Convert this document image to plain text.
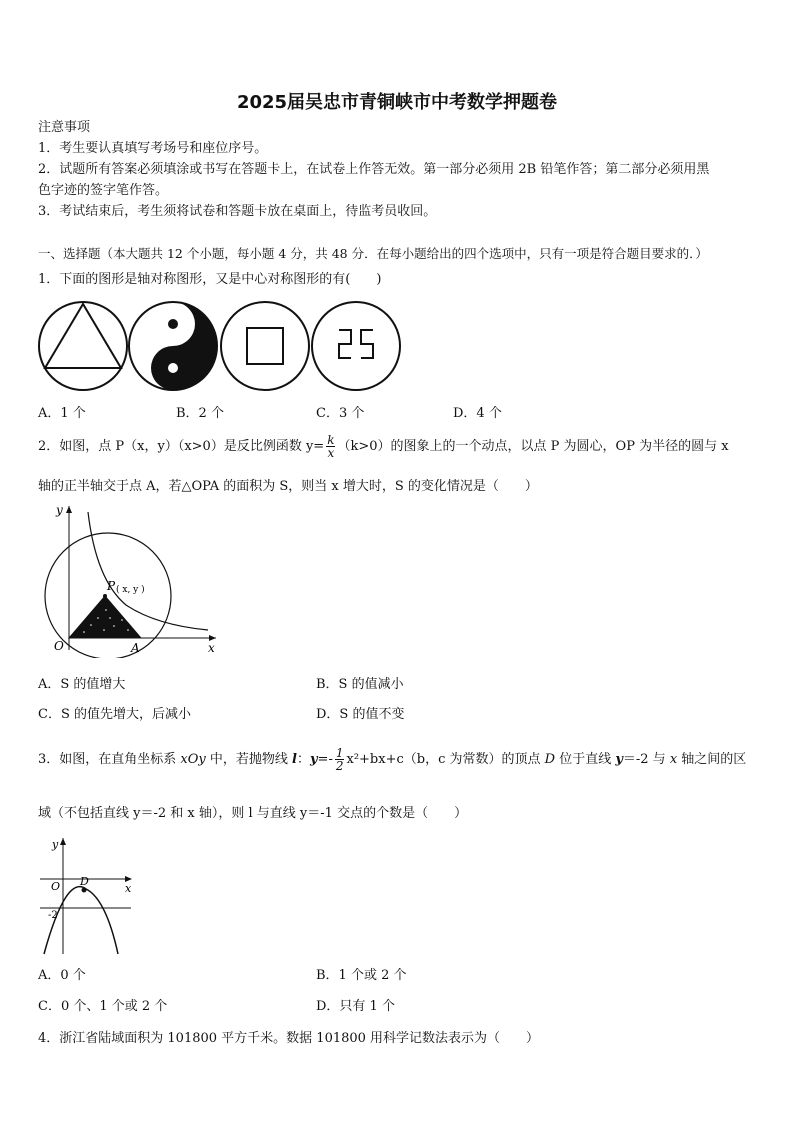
2025届吴忠市青铜峡市中考数学押题卷
注意事项
1．考生要认真填写考场号和座位序号。
2．试题所有答案必须填涂或书写在答题卡上，在试卷上作答无效。第一部分必须用 2B 铅笔作答；第二部分必须用黑
色字迹的签字笔作答。
3．考试结束后，考生须将试卷和答题卡放在桌面上，待监考员收回。
一、选择题（本大题共 12 个小题，每小题 4 分，共 48 分．在每小题给出的四个选项中，只有一项是符合题目要求的．）
1．下面的图形是轴对称图形，又是中心对称图形的有(　　)
A．1 个	B．2 个	C．3 个	D．4 个
2．如图，点 P（x，y）（x>0）是反比例函数 $y= \frac{k}{x} (k>0)$的图象上的一个动点，以点 P 为圆心，OP 为半径的圆与 x
轴的正半轴交于点 A，若△OPA 的面积为 S，则当 x 增大时，S 的变化情况是（　　）
y
x
O	A
P ( x, y )
A．S 的值增大	B．S 的值减小
C．S 的值先增大，后减小	D．S 的值不变
3．如图，在直角坐标系 xOy 中，若抛物线 l：$y=- \frac{1}{2} x^2+bx+c(b$，c 为常数）的顶点 D 位于直线 y＝-2 与 x 轴之间的区
域（不包括直线 y＝-2 和 x 轴），则 l 与直线 y＝-1 交点的个数是（　　）
y
x
O D
-2
A．0 个	B．1 个或 2 个
C．0 个、1 个或 2 个	D．只有 1 个
4．浙江省陆域面积为 101800 平方千米。数据 101800 用科学记数法表示为（　　）
